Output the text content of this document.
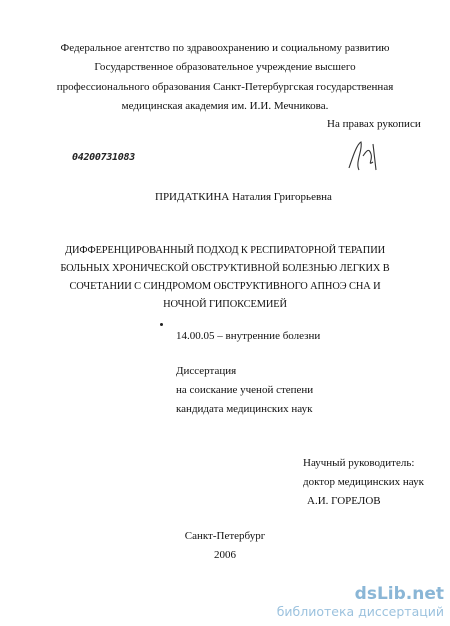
Федеральное агентство по здравоохранению и социальному развитию
Государственное образовательное учреждение высшего
профессионального образования Санкт-Петербургская государственная
медицинская академия им. И.И. Мечникова.
На правах рукописи
04200731083
ПРИДАТКИНА Наталия Григорьевна
ДИФФЕРЕНЦИРОВАННЫЙ ПОДХОД К РЕСПИРАТОРНОЙ ТЕРАПИИ
БОЛЬНЫХ ХРОНИЧЕСКОЙ ОБСТРУКТИВНОЙ БОЛЕЗНЬЮ ЛЕГКИХ В
СОЧЕТАНИИ С СИНДРОМОМ ОБСТРУКТИВНОГО АПНОЭ СНА И
НОЧНОЙ ГИПОКСЕМИЕЙ
14.00.05 – внутренние болезни
Диссертация
на соискание ученой степени
кандидата медицинских наук
Научный руководитель:
доктор медицинских наук
А.И. ГОРЕЛОВ
Санкт-Петербург
2006
dsLib.net
библиотека диссертаций
